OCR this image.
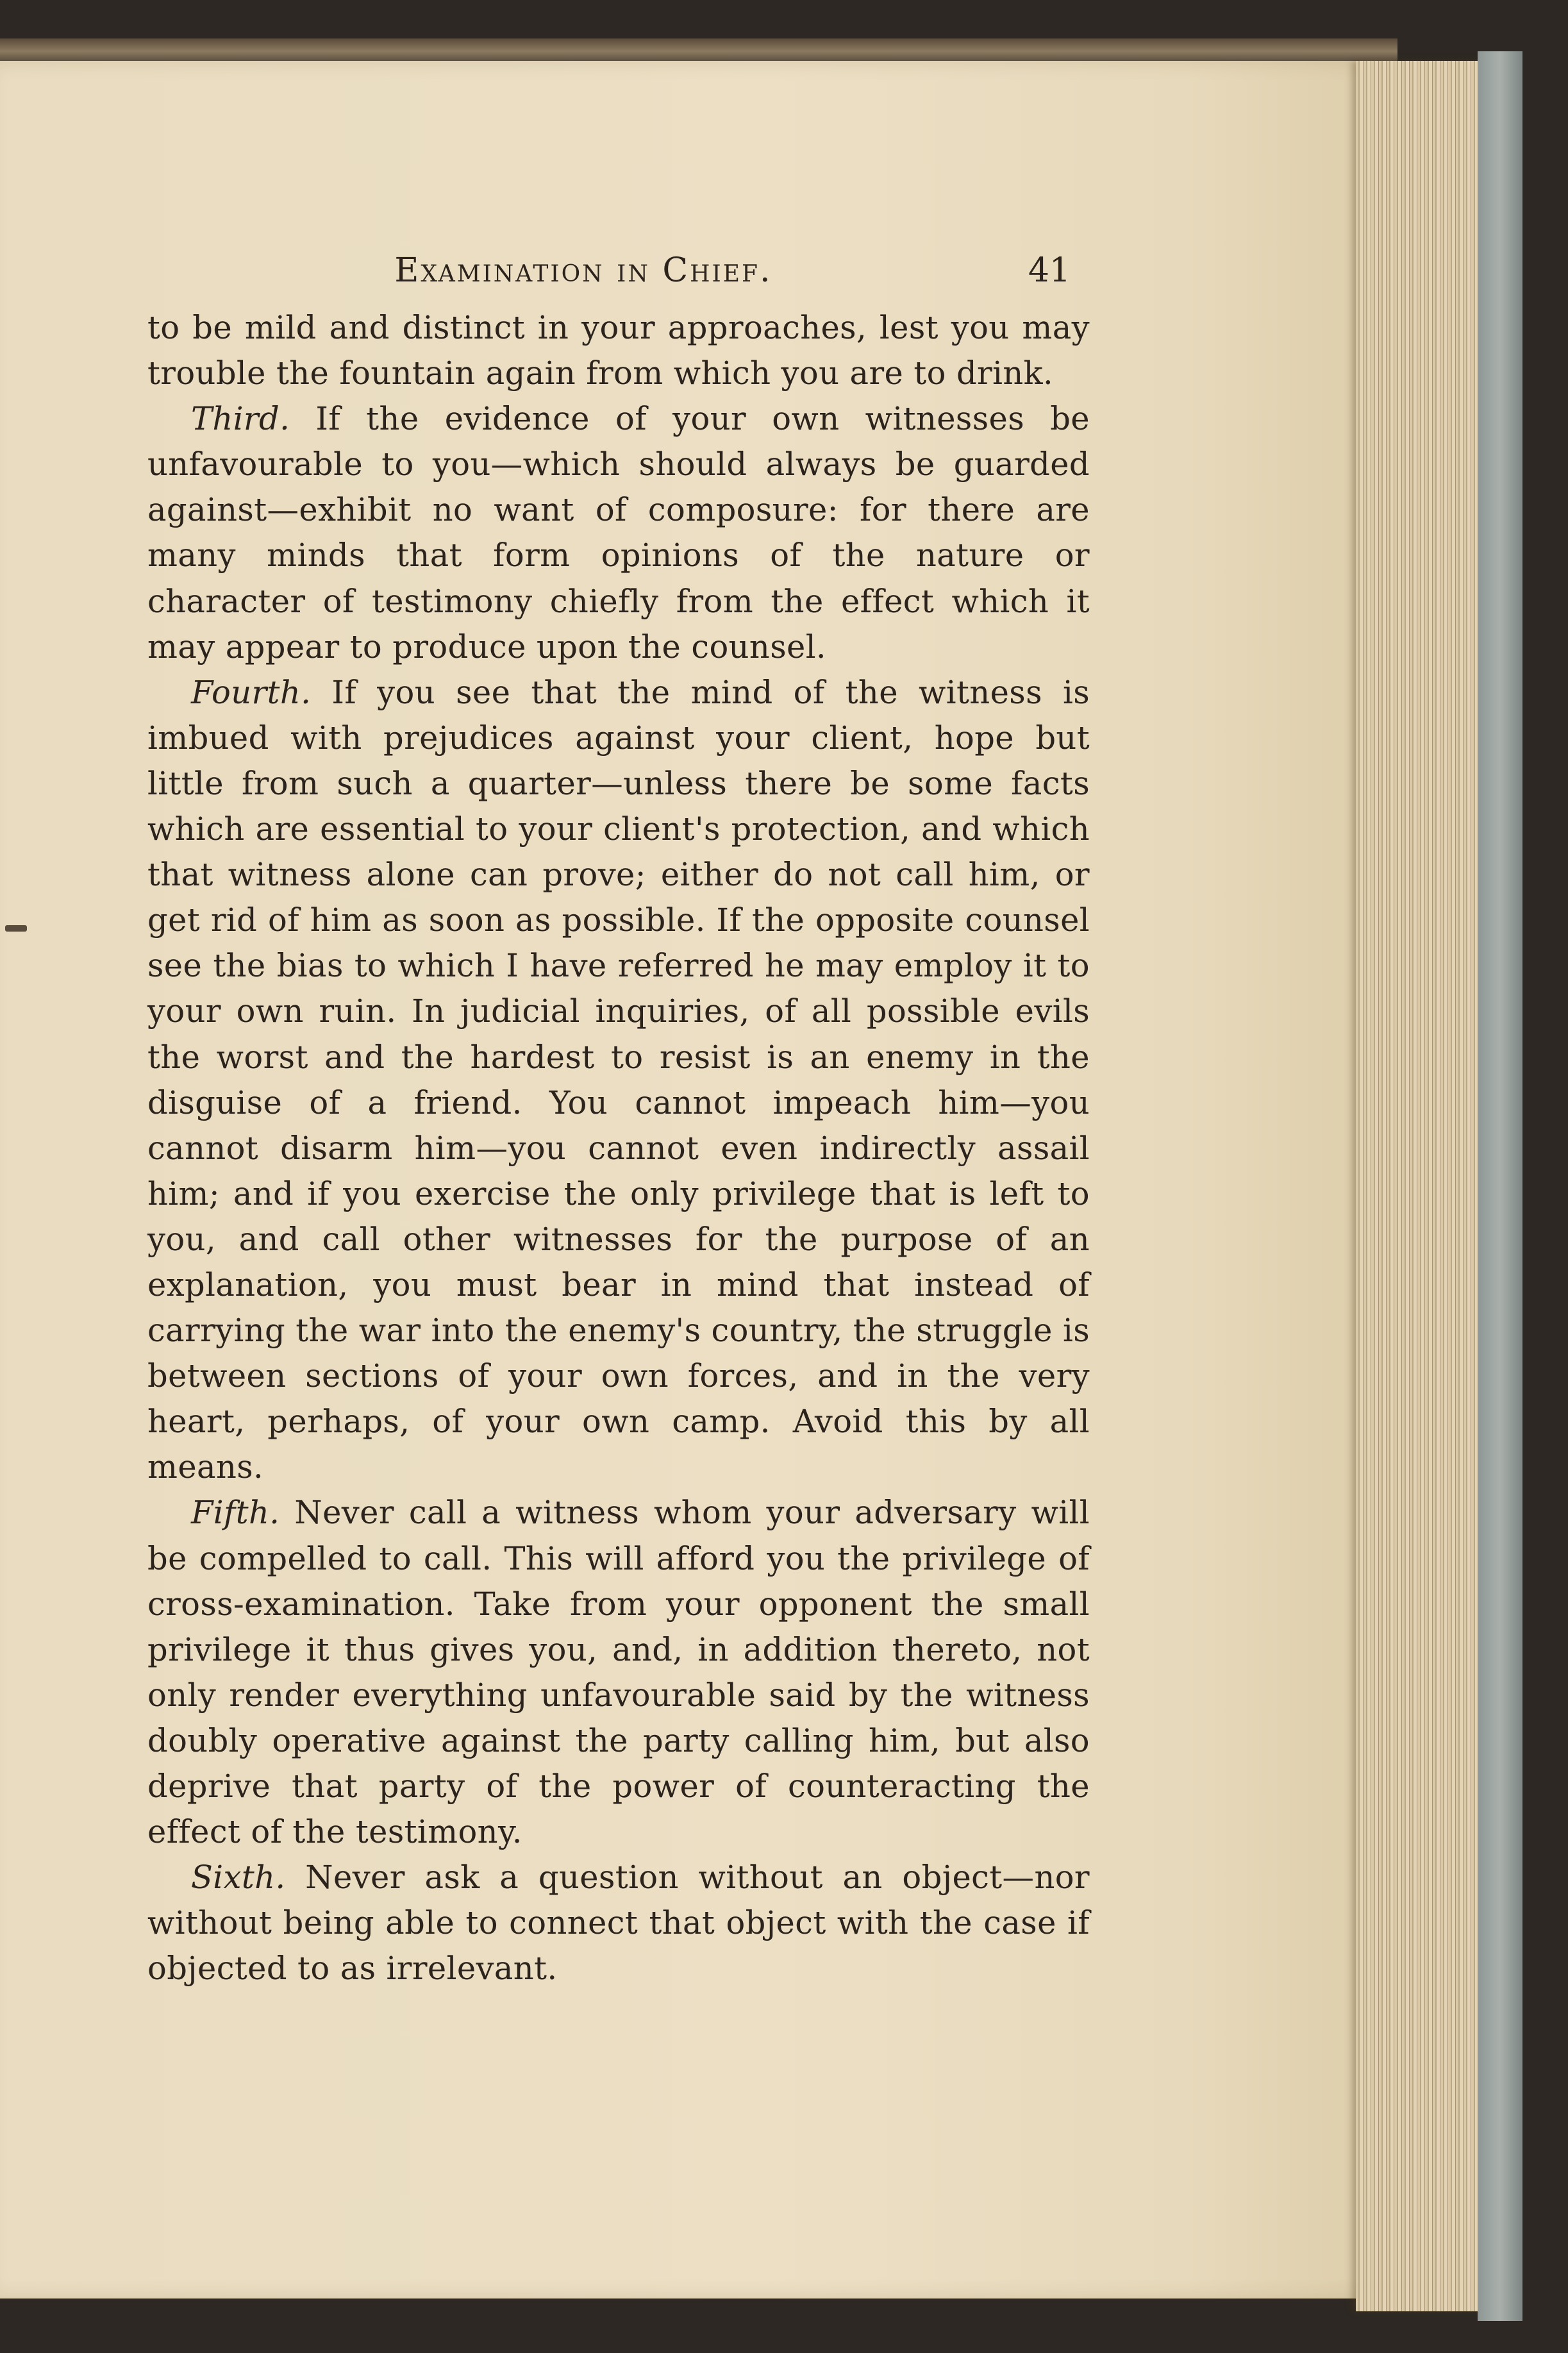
Examination in Chief.	41

to be mild and distinct in your approaches, lest you may trouble the fountain again from which you are to drink.

Third. If the evidence of your own witnesses be unfavourable to you—which should always be guarded against—exhibit no want of composure: for there are many minds that form opinions of the nature or character of testimony chiefly from the effect which it may appear to produce upon the counsel.

Fourth. If you see that the mind of the witness is imbued with prejudices against your client, hope but little from such a quarter—unless there be some facts which are essential to your client's protection, and which that witness alone can prove; either do not call him, or get rid of him as soon as possible. If the opposite counsel see the bias to which I have referred he may employ it to your own ruin. In judicial inquiries, of all possible evils the worst and the hardest to resist is an enemy in the disguise of a friend. You cannot impeach him—you cannot disarm him—you cannot even indirectly assail him; and if you exercise the only privilege that is left to you, and call other witnesses for the purpose of an explanation, you must bear in mind that instead of carrying the war into the enemy's country, the struggle is between sections of your own forces, and in the very heart, perhaps, of your own camp. Avoid this by all means.

Fifth. Never call a witness whom your adversary will be compelled to call. This will afford you the privilege of cross-examination. Take from your opponent the small privilege it thus gives you, and, in addition thereto, not only render everything unfavourable said by the witness doubly operative against the party calling him, but also deprive that party of the power of counteracting the effect of the testimony.

Sixth. Never ask a question without an object—nor without being able to connect that object with the case if objected to as irrelevant.
